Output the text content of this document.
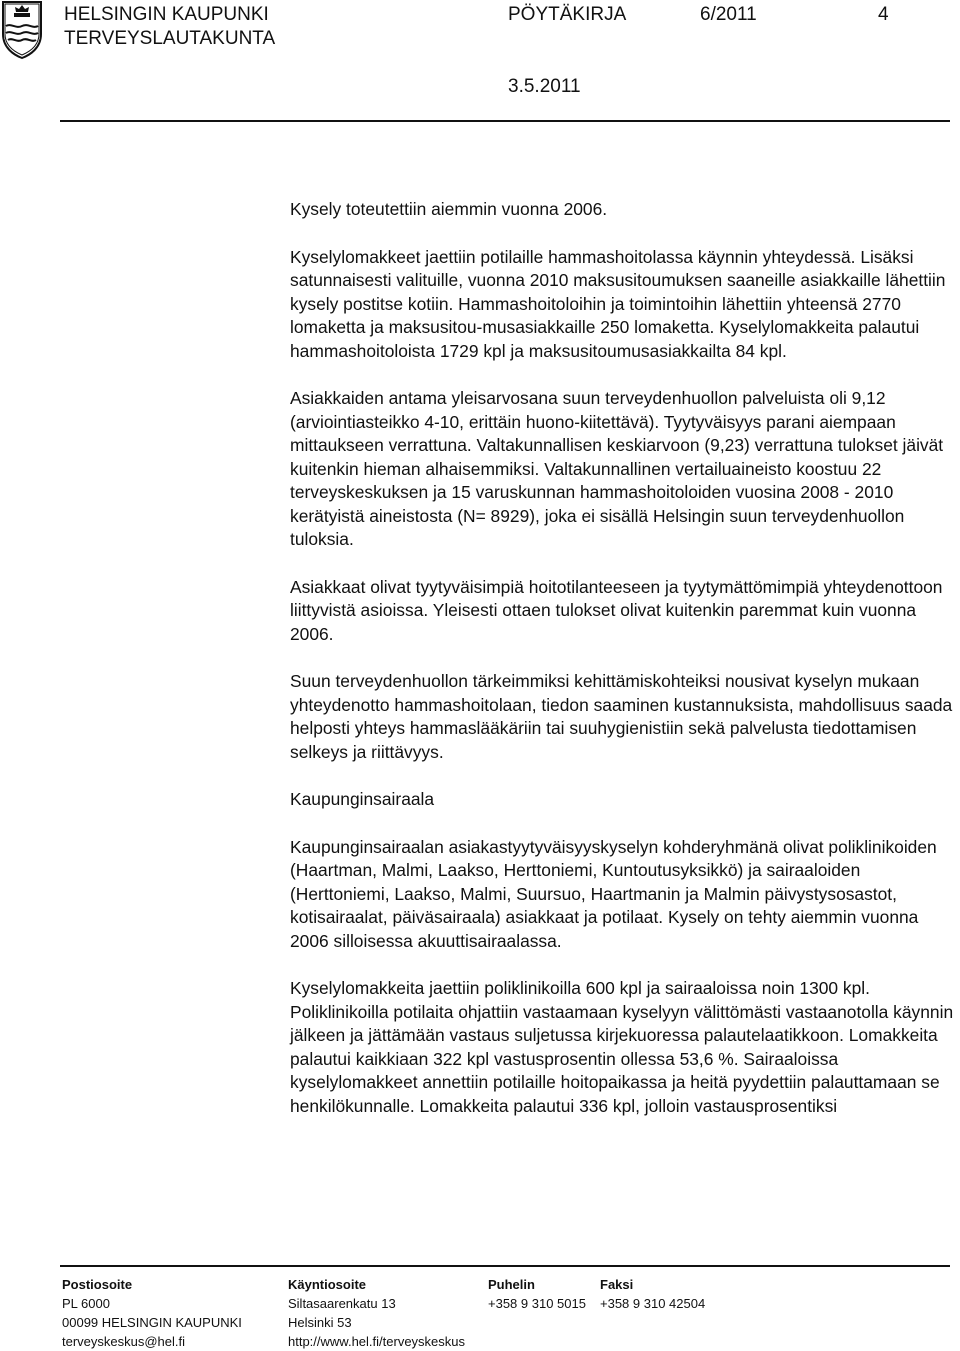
HELSINGIN KAUPUNKI
TERVEYSLAUTAKUNTA
PÖYTÄKIRJA	6/2011	4
3.5.2011

Kysely toteutettiin aiemmin vuonna 2006.

Kyselylomakkeet jaettiin potilaille hammashoitolassa käynnin yhteydessä. Lisäksi satunnaisesti valituille, vuonna 2010 maksusitoumuksen saaneille asiakkaille lähettiin kysely postitse kotiin. Hammashoitoloihin ja toimintoihin lähettiin yhteensä 2770 lomaketta ja maksusitou-musasiakkaille 250 lomaketta. Kyselylomakkeita palautui hammashoitoloista 1729 kpl ja maksusitoumusasiakkailta 84 kpl.

Asiakkaiden antama yleisarvosana suun terveydenhuollon palveluista oli 9,12 (arviointiasteikko 4-10, erittäin huono-kiitettävä). Tyytyväisyys parani aiempaan mittaukseen verrattuna. Valtakunnallisen keskiarvoon (9,23) verrattuna tulokset jäivät kuitenkin hieman alhaisemmiksi. Valtakunnallinen vertailuaineisto koostuu 22 terveyskeskuksen ja 15 varuskunnan hammashoitoloiden vuosina 2008 - 2010 kerätyistä aineistosta (N= 8929), joka ei sisällä Helsingin suun terveydenhuollon tuloksia.

Asiakkaat olivat tyytyväisimpiä hoitotilanteeseen ja tyytymättömimpiä yhteydenottoon liittyvistä asioissa. Yleisesti ottaen tulokset olivat kuitenkin paremmat kuin vuonna 2006.

Suun terveydenhuollon tärkeimmiksi kehittämiskohteiksi nousivat kyselyn mukaan yhteydenotto hammashoitolaan, tiedon saaminen kustannuksista, mahdollisuus saada helposti yhteys hammaslääkäriin tai suuhygienistiin sekä palvelusta tiedottamisen selkeys ja riittävyys.

Kaupunginsairaala

Kaupunginsairaalan asiakastyytyväisyyskyselyn kohderyhmänä olivat poliklinikoiden (Haartman, Malmi, Laakso, Herttoniemi, Kuntoutusyksikkö) ja sairaaloiden (Herttoniemi, Laakso, Malmi, Suursuo, Haartmanin ja Malmin päivystysosastot, kotisairaalat, päiväsairaala) asiakkaat ja potilaat. Kysely on tehty aiemmin vuonna 2006 silloisessa akuuttisairaalassa.

Kyselylomakkeita jaettiin poliklinikoilla 600 kpl ja sairaaloissa noin 1300 kpl. Poliklinikoilla potilaita ohjattiin vastaamaan kyselyyn välittömästi vastaanotolla käynnin jälkeen ja jättämään vastaus suljetussa kirjekuoressa palautelaatikkoon. Lomakkeita palautui kaikkiaan 322 kpl vastusprosentin ollessa 53,6 %. Sairaaloissa kyselylomakkeet annettiin potilaille hoitopaikassa ja heitä pyydettiin palauttamaan se henkilökunnalle. Lomakkeita palautui 336 kpl, jolloin vastausprosentiksi

Postiosoite
PL 6000
00099 HELSINGIN KAUPUNKI
terveyskeskus@hel.fi
Käyntiosoite
Siltasaarenkatu 13
Helsinki 53
http://www.hel.fi/terveyskeskus
Puhelin
+358 9 310 5015
Faksi
+358 9 310 42504
